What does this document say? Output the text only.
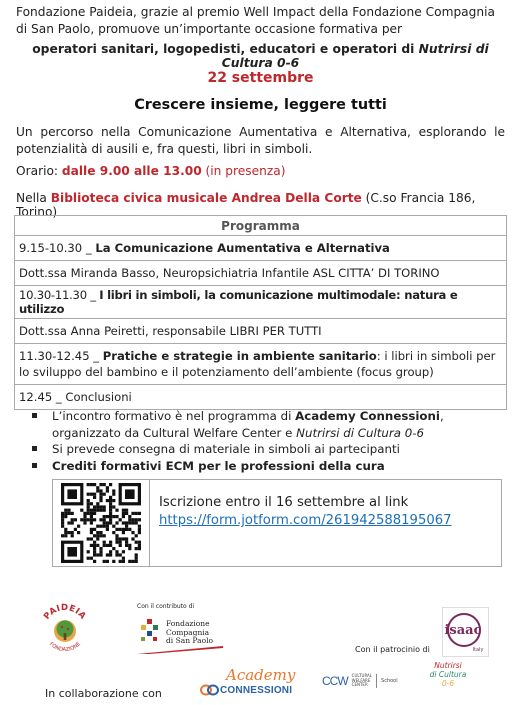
Fondazione Paideia, grazie al premio Well Impact della Fondazione Compagnia di San Paolo, promuove un’importante occasione formativa per

operatori sanitari, logopedisti, educatori e operatori di Nutrirsi di Cultura 0-6

22 settembre

Crescere insieme, leggere tutti

Un percorso nella Comunicazione Aumentativa e Alternativa, esplorando le potenzialità di ausili e, fra questi, libri in simboli.

Orario: dalle 9.00 alle 13.00 (in presenza)

Nella Biblioteca civica musicale Andrea Della Corte (C.so Francia 186, Torino)

Programma
9.15-10.30 _ La Comunicazione Aumentativa e Alternativa
Dott.ssa Miranda Basso, Neuropsichiatria Infantile ASL CITTA’ DI TORINO
10.30-11.30 _ I libri in simboli, la comunicazione multimodale: natura e utilizzo
Dott.ssa Anna Peiretti, responsabile LIBRI PER TUTTI
11.30-12.45 _ Pratiche e strategie in ambiente sanitario: i libri in simboli per lo sviluppo del bambino e il potenziamento dell’ambiente (focus group)
12.45 _ Conclusioni
L’incontro formativo è nel programma di Academy Connessioni, organizzato da Cultural Welfare Center e Nutrirsi di Cultura 0-6
Si prevede consegna di materiale in simboli ai partecipanti
Crediti formativi ECM per le professioni della cura
Iscrizione entro il 16 settembre al link
https://form.jotform.com/261942588195067
PAIDEIA
FONDAZIONE
Con il contributo di
Fondazione
Compagnia
di San Paolo
Con il patrocinio di
isaac
Italy
In collaborazione con
Academy
CONNESSIONI
CCW CULTURAL
WELFARE
CENTER
School
Nutrirsi
di Cultura
0-6
